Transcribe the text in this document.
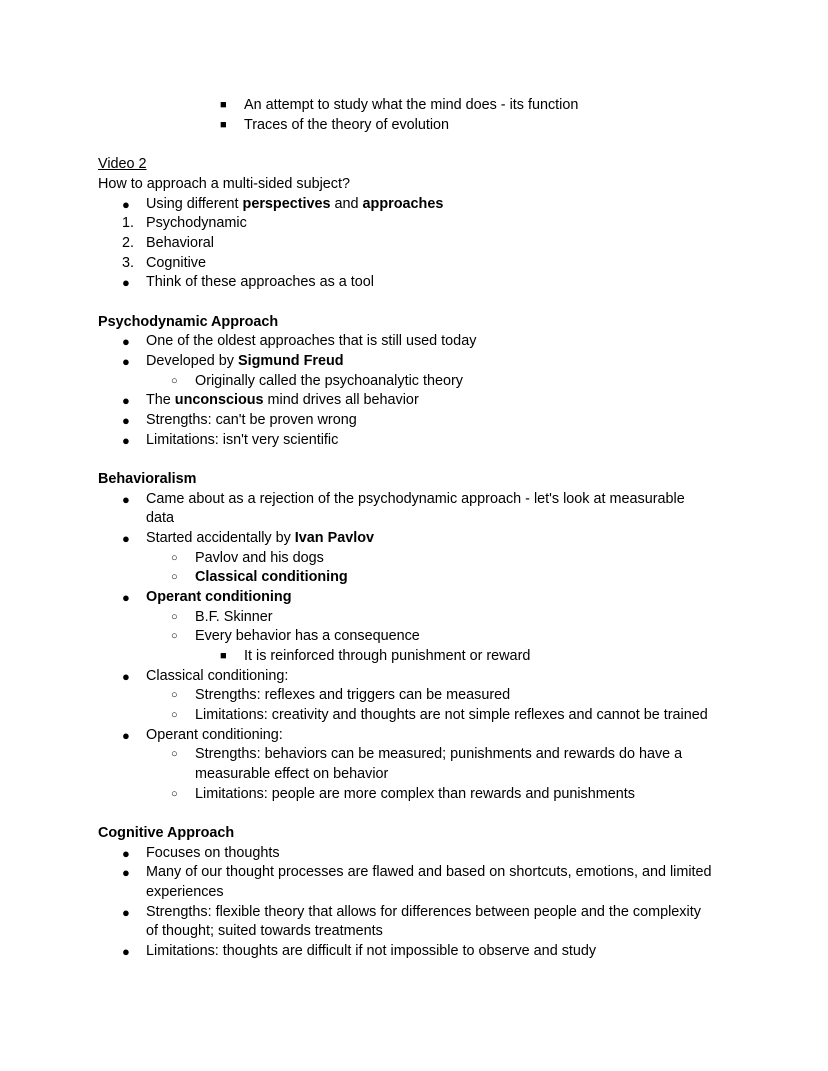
■ An attempt to study what the mind does - its function
■ Traces of the theory of evolution
Video 2
How to approach a multi-sided subject?
● Using different perspectives and approaches
1. Psychodynamic
2. Behavioral
3. Cognitive
● Think of these approaches as a tool
Psychodynamic Approach
● One of the oldest approaches that is still used today
● Developed by Sigmund Freud
○ Originally called the psychoanalytic theory
● The unconscious mind drives all behavior
● Strengths: can't be proven wrong
● Limitations: isn't very scientific
Behavioralism
● Came about as a rejection of the psychodynamic approach - let's look at measurable
data
● Started accidentally by Ivan Pavlov
○ Pavlov and his dogs
○ Classical conditioning
● Operant conditioning
○ B.F. Skinner
○ Every behavior has a consequence
■ It is reinforced through punishment or reward
● Classical conditioning:
○ Strengths: reflexes and triggers can be measured
○ Limitations: creativity and thoughts are not simple reflexes and cannot be trained
● Operant conditioning:
○ Strengths: behaviors can be measured; punishments and rewards do have a
measurable effect on behavior
○ Limitations: people are more complex than rewards and punishments
Cognitive Approach
● Focuses on thoughts
● Many of our thought processes are flawed and based on shortcuts, emotions, and limited
experiences
● Strengths: flexible theory that allows for differences between people and the complexity
of thought; suited towards treatments
● Limitations: thoughts are difficult if not impossible to observe and study
